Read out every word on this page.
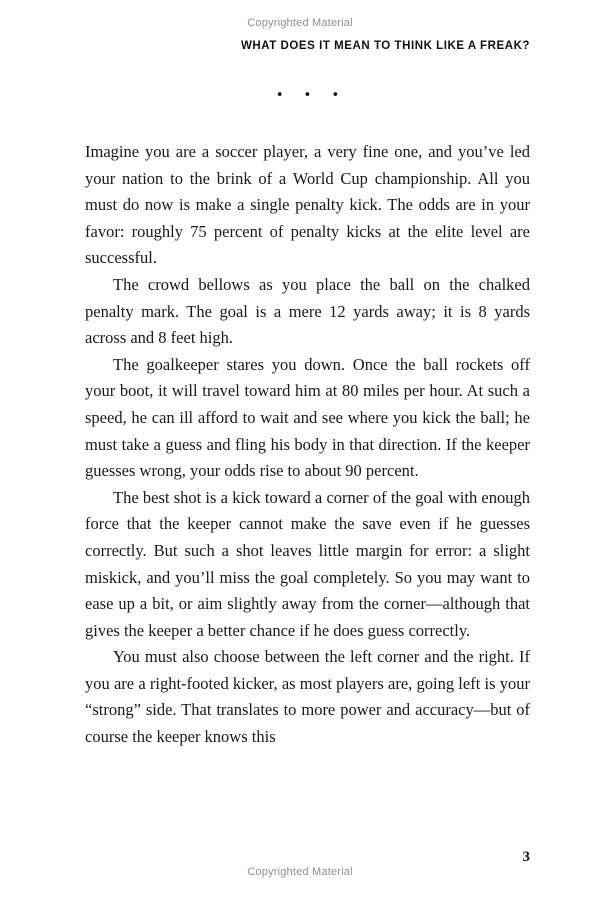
Copyrighted Material
WHAT DOES IT MEAN TO THINK LIKE A FREAK?
• • •

Imagine you are a soccer player, a very fine one, and you’ve led your nation to the brink of a World Cup championship. All you must do now is make a single penalty kick. The odds are in your favor: roughly 75 percent of penalty kicks at the elite level are successful.

The crowd bellows as you place the ball on the chalked penalty mark. The goal is a mere 12 yards away; it is 8 yards across and 8 feet high.

The goalkeeper stares you down. Once the ball rockets off your boot, it will travel toward him at 80 miles per hour. At such a speed, he can ill afford to wait and see where you kick the ball; he must take a guess and fling his body in that direction. If the keeper guesses wrong, your odds rise to about 90 percent.

The best shot is a kick toward a corner of the goal with enough force that the keeper cannot make the save even if he guesses correctly. But such a shot leaves little margin for error: a slight miskick, and you’ll miss the goal completely. So you may want to ease up a bit, or aim slightly away from the corner—although that gives the keeper a better chance if he does guess correctly.

You must also choose between the left corner and the right. If you are a right-footed kicker, as most players are, going left is your “strong” side. That translates to more power and accuracy—but of course the keeper knows this

3
Copyrighted Material
